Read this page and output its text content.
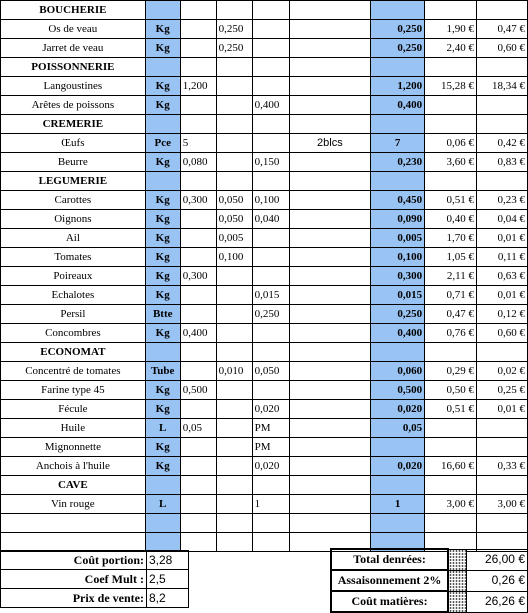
BOUCHERIE								
Os de veau	Kg		0,250			0,250	1,90 €	0,47 €
Jarret de veau	Kg		0,250			0,250	2,40 €	0,60 €
POISSONNERIE								
Langoustines	Kg	1,200				1,200	15,28 €	18,34 €
Arêtes de poissons	Kg			0,400		0,400		
CREMERIE								
Œufs	Pce	5			2blcs	7	0,06 €	0,42 €
Beurre	Kg	0,080		0,150		0,230	3,60 €	0,83 €
LEGUMERIE								
Carottes	Kg	0,300	0,050	0,100		0,450	0,51 €	0,23 €
Oignons	Kg		0,050	0,040		0,090	0,40 €	0,04 €
Ail	Kg		0,005			0,005	1,70 €	0,01 €
Tomates	Kg		0,100			0,100	1,05 €	0,11 €
Poireaux	Kg	0,300				0,300	2,11 €	0,63 €
Echalotes	Kg			0,015		0,015	0,71 €	0,01 €
Persil	Btte			0,250		0,250	0,47 €	0,12 €
Concombres	Kg	0,400				0,400	0,76 €	0,60 €
ECONOMAT								
Concentré de tomates	Tube		0,010	0,050		0,060	0,29 €	0,02 €
Farine type 45	Kg	0,500				0,500	0,50 €	0,25 €
Fécule	Kg			0,020		0,020	0,51 €	0,01 €
Huile	L	0,05		PM		0,05		
Mignonnette	Kg			PM				
Anchois à l'huile	Kg			0,020		0,020	16,60 €	0,33 €
CAVE								
Vin rouge	L			1		1	3,00 €	3,00 €

Coût portion:	3,28
Coef Mult :	2,5
Prix de vente:	8,2
Total denrées:		26,00 €
Assaisonnement 2%		0,26 €
Coût matières:		26,26 €
